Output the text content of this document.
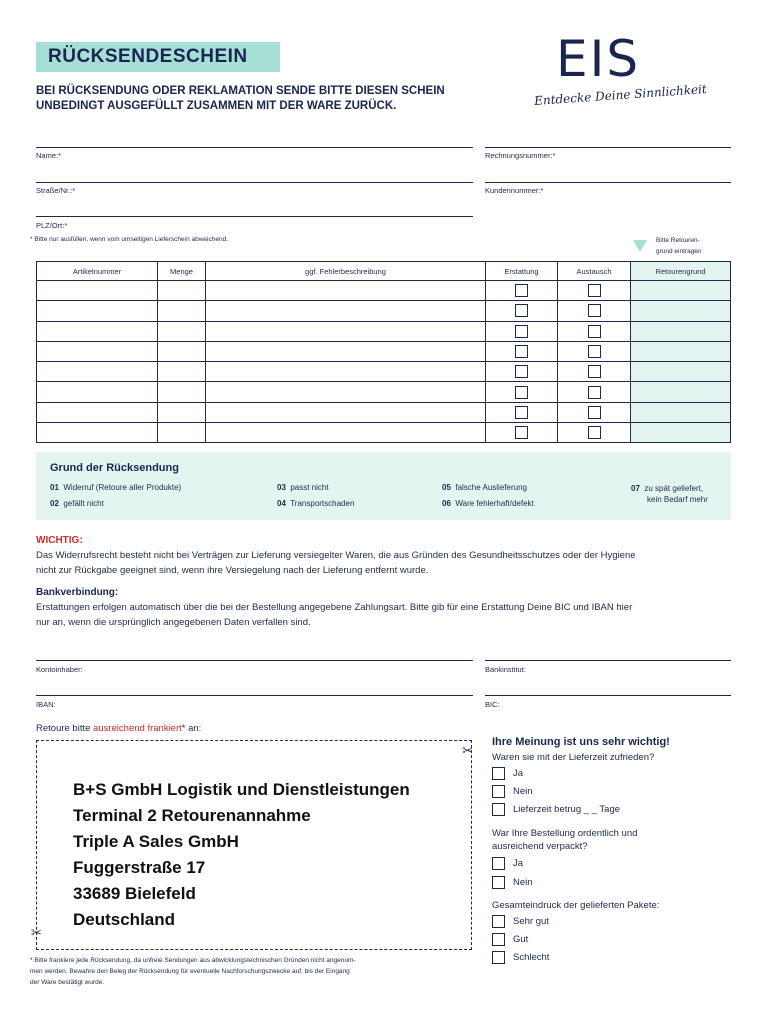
RÜCKSENDESCHEIN
BEI RÜCKSENDUNG ODER REKLAMATION SENDE BITTE DIESEN SCHEIN
UNBEDINGT AUSGEFÜLLT ZUSAMMEN MIT DER WARE ZURÜCK.
EIS
Entdecke Deine Sinnlichkeit
Name:*
Straße/Nr.:*
PLZ/Ort:*
Rechnungsnummer:*
Kundennummer:*
* Bitte nur ausfüllen, wenn vom umseitigen Lieferschein abweichend.	Bitte Retouren-
grund eintragen
Artikelnummer	Menge	ggf. Fehlerbeschreibung	Erstattung	Austausch	Retourengrund

Grund der Rücksendung
01 Widerruf (Retoure aller Produkte)
02 gefällt nicht
03 passt nicht
04 Transportschaden
05 falsche Auslieferung
06 Ware fehlerhaft/defekt
07 zu spät geliefert,
kein Bedarf mehr
WICHTIG:
Das Widerrufsrecht besteht nicht bei Verträgen zur Lieferung versiegelter Waren, die aus Gründen des Gesundheitsschutzes oder der Hygiene
nicht zur Rückgabe geeignet sind, wenn ihre Versiegelung nach der Lieferung entfernt wurde.
Bankverbindung:
Erstattungen erfolgen automatisch über die bei der Bestellung angegebene Zahlungsart. Bitte gib für eine Erstattung Deine BIC und IBAN hier
nur an, wenn die ursprünglich angegebenen Daten verfallen sind.
Kontoinhaber:	Bankinstitut:
IBAN:	BIC:
Retoure bitte ausreichend frankiert* an:
✂
✂
B+S GmbH Logistik und Dienstleistungen
Terminal 2 Retourenannahme
Triple A Sales GmbH
Fuggerstraße 17
33689 Bielefeld
Deutschland
* Bitte frankiere jede Rücksendung, da unfreie Sendungen aus abwicklungstechnischen Gründen nicht angenom-
men werden. Bewahre den Beleg der Rücksendung für eventuelle Nachforschungszwecke auf, bis der Eingang
der Ware bestätigt wurde.
Ihre Meinung ist uns sehr wichtig!
Waren sie mit der Lieferzeit zufrieden?
Ja
Nein
Lieferzeit betrug _ _ Tage
War Ihre Bestellung ordentlich und
ausreichend verpackt?
Ja
Nein
Gesamteindruck der gelieferten Pakete:
Sehr gut
Gut
Schlecht
